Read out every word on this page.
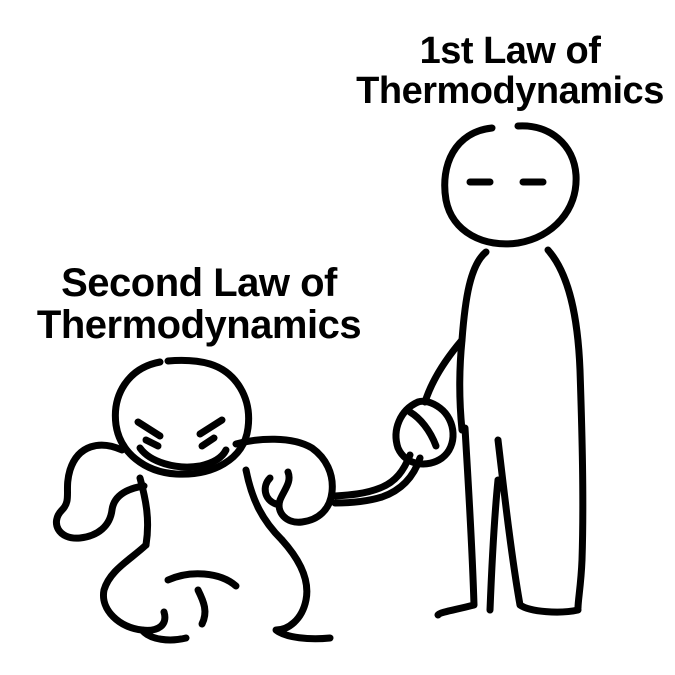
1st Law of
Thermodynamics
Second Law of
Thermodynamics
